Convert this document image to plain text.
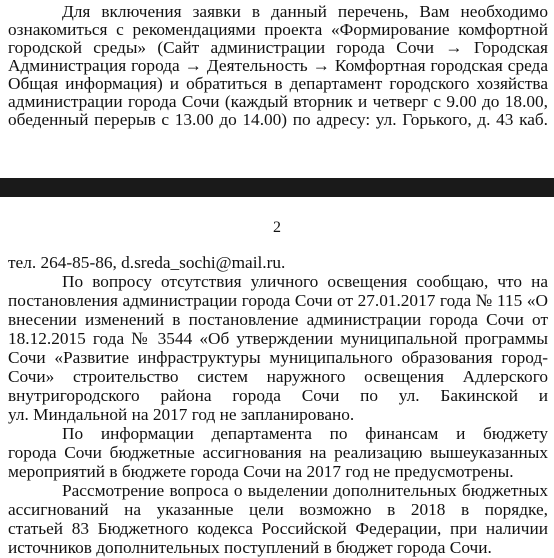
Для включения заявки в данный перечень, Вам необходимо
ознакомиться с рекомендациями проекта «Формирование комфортной
городской среды» (Сайт администрации города Сочи → Городская
Администрация города → Деятельность → Комфортная городская среда
Общая информация) и обратиться в департамент городского хозяйства
администрации города Сочи (каждый вторник и четверг с 9.00 до 18.00,
обеденный перерыв с 13.00 до 14.00) по адресу: ул. Горького, д. 43 каб.
2
тел. 264-85-86, d.sreda_sochi@mail.ru.
По вопросу отсутствия уличного освещения сообщаю, что на
постановления администрации города Сочи от 27.01.2017 года № 115 «О
внесении изменений в постановление администрации города Сочи от
18.12.2015 года № 3544 «Об утверждении муниципальной программы
Сочи «Развитие инфраструктуры муниципального образования город-
Сочи» строительство систем наружного освещения Адлерского
внутригородского района города Сочи по ул. Бакинской и
ул. Миндальной на 2017 год не запланировано.
По информации департамента по финансам и бюджету
города Сочи бюджетные ассигнования на реализацию вышеуказанных
мероприятий в бюджете города Сочи на 2017 год не предусмотрены.
Рассмотрение вопроса о выделении дополнительных бюджетных
ассигнований на указанные цели возможно в 2018 в порядке,
статьей 83 Бюджетного кодекса Российской Федерации, при наличии
источников дополнительных поступлений в бюджет города Сочи.
